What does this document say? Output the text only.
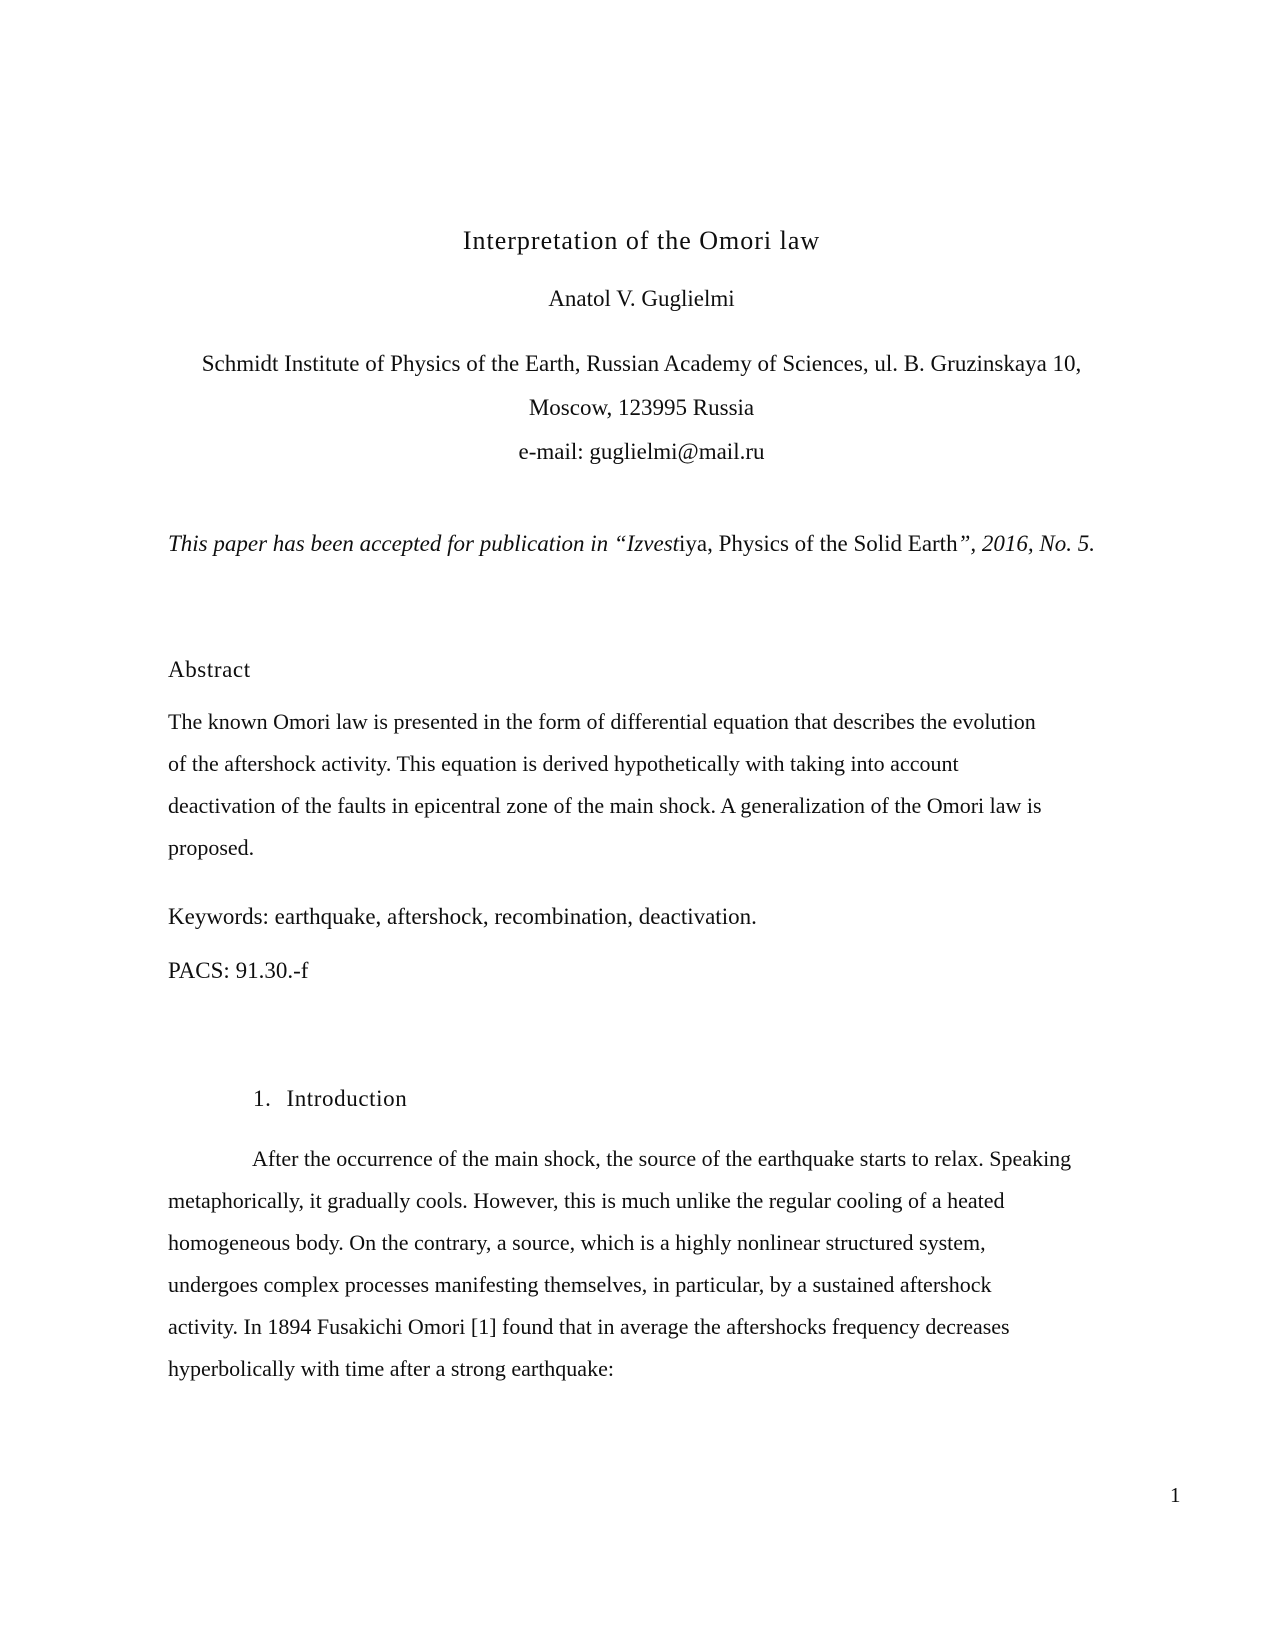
Interpretation of the Omori law
Anatol V. Guglielmi
Schmidt Institute of Physics of the Earth, Russian Academy of Sciences, ul. B. Gruzinskaya 10,
Moscow, 123995 Russia
e-mail: guglielmi@mail.ru
This paper has been accepted for publication in “Izvestiya, Physics of the Solid Earth”, 2016, No. 5.
Abstract
The known Omori law is presented in the form of differential equation that describes the evolution
of the aftershock activity. This equation is derived hypothetically with taking into account
deactivation of the faults in epicentral zone of the main shock. A generalization of the Omori law is
proposed.
Keywords: earthquake, aftershock, recombination, deactivation.
PACS: 91.30.-f
1. Introduction
After the occurrence of the main shock, the source of the earthquake starts to relax. Speaking
metaphorically, it gradually cools. However, this is much unlike the regular cooling of a heated
homogeneous body. On the contrary, a source, which is a highly nonlinear structured system,
undergoes complex processes manifesting themselves, in particular, by a sustained aftershock
activity. In 1894 Fusakichi Omori [1] found that in average the aftershocks frequency decreases
hyperbolically with time after a strong earthquake:
1
